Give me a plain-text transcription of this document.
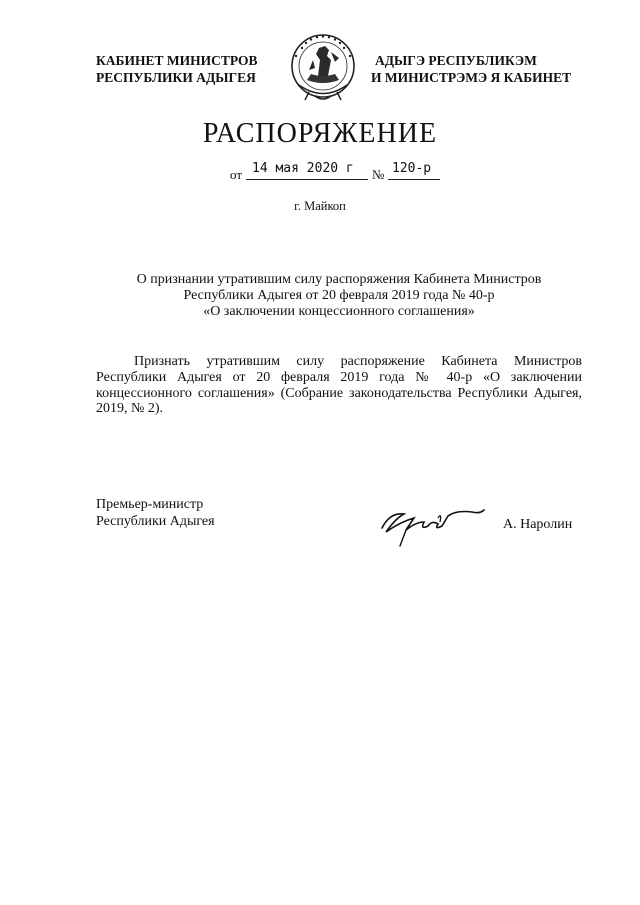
КАБИНЕТ МИНИСТРОВ
РЕСПУБЛИКИ АДЫГЕЯ
АДЫГЭ РЕСПУБЛИКЭМ
И МИНИСТРЭМЭ Я КАБИНЕТ
РАСПОРЯЖЕНИЕ
от 14 мая 2020 г № 120-р
г. Майкоп
О признании утратившим силу распоряжения Кабинета Министров
Республики Адыгея от 20 февраля 2019 года № 40-р
«О заключении концессионного соглашения»
Признать утратившим силу распоряжение Кабинета Министров Республики Адыгея от 20 февраля 2019 года № 40-р «О заключении концессионного соглашения» (Собрание законодательства Республики Адыгея, 2019, № 2).
Премьер-министр
Республики Адыгея	А. Наролин
